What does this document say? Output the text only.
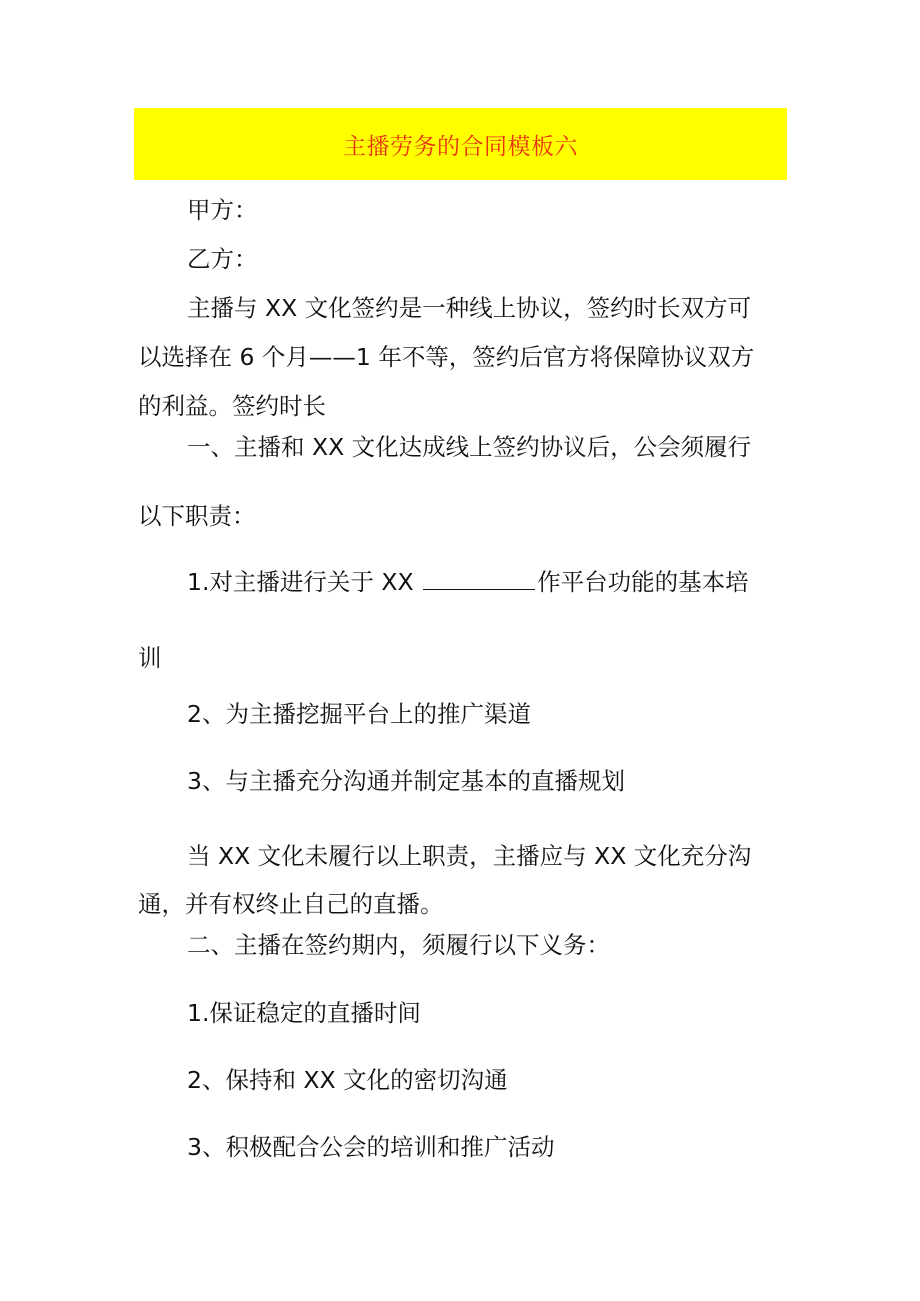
主播劳务的合同模板六
甲方：
乙方：
主播与 XX 文化签约是一种线上协议，签约时长双方可
以选择在 6 个月——1 年不等，签约后官方将保障协议双方
的利益。签约时长
一、主播和 XX 文化达成线上签约协议后，公会须履行
以下职责：
1.对主播进行关于 XX	作平台功能的基本培
训
2、为主播挖掘平台上的推广渠道
3、与主播充分沟通并制定基本的直播规划
当 XX 文化未履行以上职责，主播应与 XX 文化充分沟
通，并有权终止自己的直播。
二、主播在签约期内，须履行以下义务：
1.保证稳定的直播时间
2、保持和 XX 文化的密切沟通
3、积极配合公会的培训和推广活动
